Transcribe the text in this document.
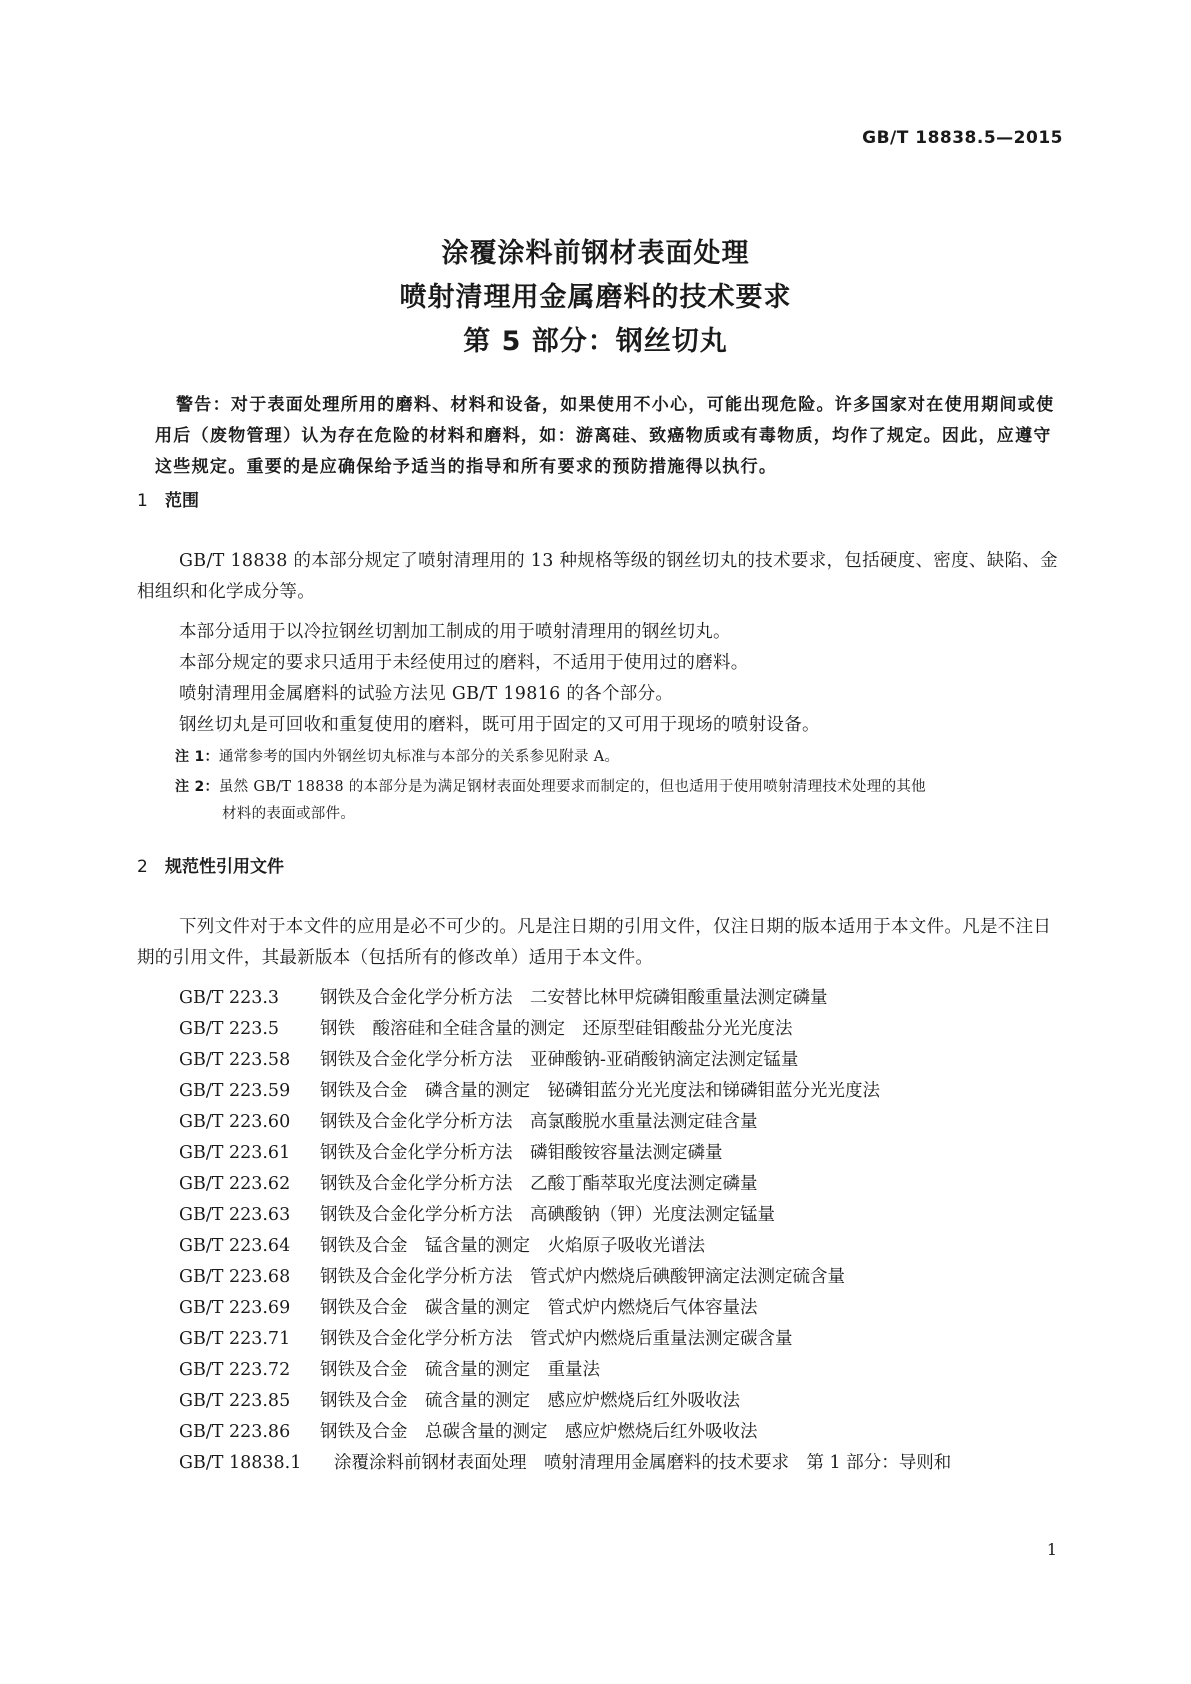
GB/T 18838.5—2015
涂覆涂料前钢材表面处理
喷射清理用金属磨料的技术要求
第 5 部分：钢丝切丸
警告：对于表面处理所用的磨料、材料和设备，如果使用不小心，可能出现危险。许多国家对在使用期间或使用后（废物管理）认为存在危险的材料和磨料，如：游离硅、致癌物质或有毒物质，均作了规定。因此，应遵守这些规定。重要的是应确保给予适当的指导和所有要求的预防措施得以执行。
1 范围
GB/T 18838 的本部分规定了喷射清理用的 13 种规格等级的钢丝切丸的技术要求，包括硬度、密度、缺陷、金相组织和化学成分等。
本部分适用于以冷拉钢丝切割加工制成的用于喷射清理用的钢丝切丸。
本部分规定的要求只适用于未经使用过的磨料，不适用于使用过的磨料。
喷射清理用金属磨料的试验方法见 GB/T 19816 的各个部分。
钢丝切丸是可回收和重复使用的磨料，既可用于固定的又可用于现场的喷射设备。
注 1：通常参考的国内外钢丝切丸标准与本部分的关系参见附录 A。
注 2：虽然 GB/T 18838 的本部分是为满足钢材表面处理要求而制定的，但也适用于使用喷射清理技术处理的其他
材料的表面或部件。
2 规范性引用文件
下列文件对于本文件的应用是必不可少的。凡是注日期的引用文件，仅注日期的版本适用于本文件。凡是不注日期的引用文件，其最新版本（包括所有的修改单）适用于本文件。
GB/T 223.3 钢铁及合金化学分析方法　二安替比林甲烷磷钼酸重量法测定磷量
GB/T 223.5 钢铁　酸溶硅和全硅含量的测定　还原型硅钼酸盐分光光度法
GB/T 223.58 钢铁及合金化学分析方法　亚砷酸钠-亚硝酸钠滴定法测定锰量
GB/T 223.59 钢铁及合金　磷含量的测定　铋磷钼蓝分光光度法和锑磷钼蓝分光光度法
GB/T 223.60 钢铁及合金化学分析方法　高氯酸脱水重量法测定硅含量
GB/T 223.61 钢铁及合金化学分析方法　磷钼酸铵容量法测定磷量
GB/T 223.62 钢铁及合金化学分析方法　乙酸丁酯萃取光度法测定磷量
GB/T 223.63 钢铁及合金化学分析方法　高碘酸钠（钾）光度法测定锰量
GB/T 223.64 钢铁及合金　锰含量的测定　火焰原子吸收光谱法
GB/T 223.68 钢铁及合金化学分析方法　管式炉内燃烧后碘酸钾滴定法测定硫含量
GB/T 223.69 钢铁及合金　碳含量的测定　管式炉内燃烧后气体容量法
GB/T 223.71 钢铁及合金化学分析方法　管式炉内燃烧后重量法测定碳含量
GB/T 223.72 钢铁及合金　硫含量的测定　重量法
GB/T 223.85 钢铁及合金　硫含量的测定　感应炉燃烧后红外吸收法
GB/T 223.86 钢铁及合金　总碳含量的测定　感应炉燃烧后红外吸收法
GB/T 18838.1 涂覆涂料前钢材表面处理　喷射清理用金属磨料的技术要求　第 1 部分：导则和
1
